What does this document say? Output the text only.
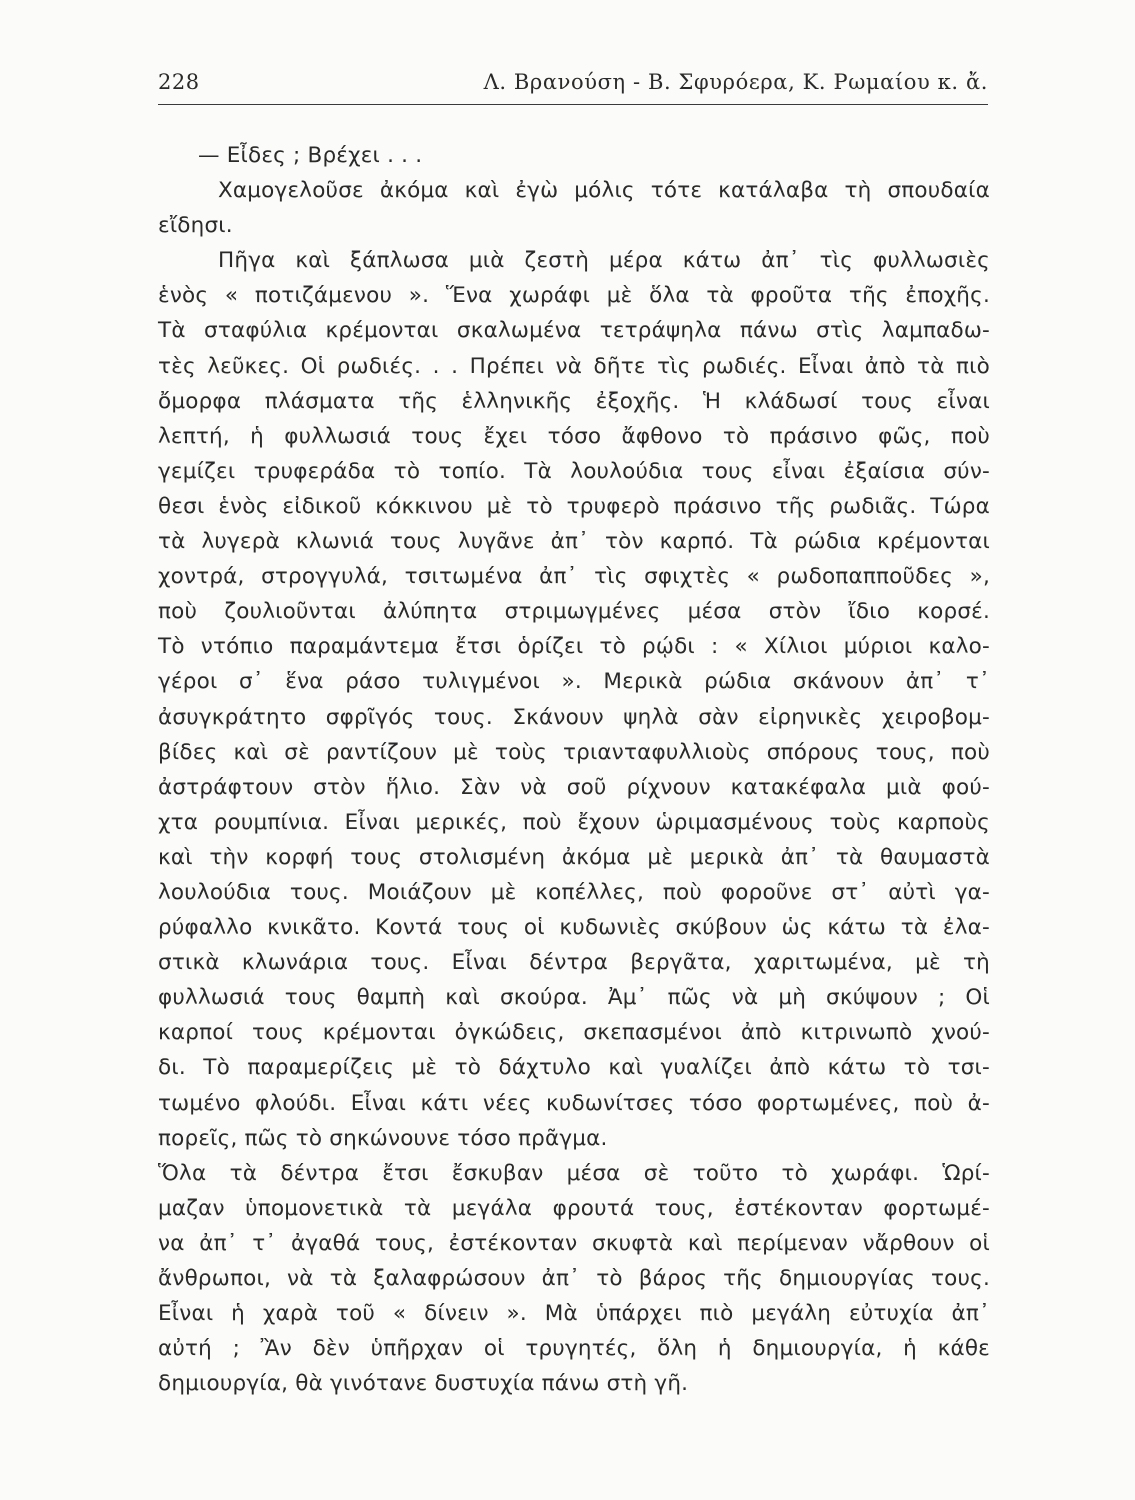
228	Λ. Βρανούση - Β. Σφυρόερα, Κ. Ρωμαίου κ. ἄ.
— Εἶδες ; Βρέχει . . .
Χαμογελοῦσε ἀκόμα καὶ ἐγὼ μόλις τότε κατάλαβα τὴ σπουδαία
εἴδησι.
Πῆγα καὶ ξάπλωσα μιὰ ζεστὴ μέρα κάτω ἀπ᾽ τὶς φυλλωσιὲς
ἑνὸς « ποτιζάμενου ». Ἕνα χωράφι μὲ ὅλα τὰ φροῦτα τῆς ἐποχῆς.
Τὰ σταφύλια κρέμονται σκαλωμένα τετράψηλα πάνω στὶς λαμπαδω-
τὲς λεῦκες. Οἱ ρωδιές. . . Πρέπει νὰ δῆτε τὶς ρωδιές. Εἶναι ἀπὸ τὰ πιὸ
ὄμορφα πλάσματα τῆς ἑλληνικῆς ἐξοχῆς. Ἡ κλάδωσί τους εἶναι
λεπτή, ἡ φυλλωσιά τους ἔχει τόσο ἄφθονο τὸ πράσινο φῶς, ποὺ
γεμίζει τρυφεράδα τὸ τοπίο. Τὰ λουλούδια τους εἶναι ἐξαίσια σύν-
θεσι ἑνὸς εἰδικοῦ κόκκινου μὲ τὸ τρυφερὸ πράσινο τῆς ρωδιᾶς. Τώρα
τὰ λυγερὰ κλωνιά τους λυγᾶνε ἀπ᾽ τὸν καρπό. Τὰ ρώδια κρέμονται
χοντρά, στρογγυλά, τσιτωμένα ἀπ᾽ τὶς σφιχτὲς « ρωδοπαπποῦδες »,
ποὺ ζουλιοῦνται ἀλύπητα στριμωγμένες μέσα στὸν ἴδιο κορσέ.
Τὸ ντόπιο παραμάντεμα ἔτσι ὁρίζει τὸ ρῴδι : « Χίλιοι μύριοι καλο-
γέροι σ᾽ ἕνα ράσο τυλιγμένοι ». Μερικὰ ρώδια σκάνουν ἀπ᾽ τ᾽
ἀσυγκράτητο σφρῖγός τους. Σκάνουν ψηλὰ σὰν εἰρηνικὲς χειροβομ-
βίδες καὶ σὲ ραντίζουν μὲ τοὺς τριανταφυλλιοὺς σπόρους τους, ποὺ
ἀστράφτουν στὸν ἥλιο. Σὰν νὰ σοῦ ρίχνουν κατακέφαλα μιὰ φού-
χτα ρουμπίνια. Εἶναι μερικές, ποὺ ἔχουν ὡριμασμένους τοὺς καρποὺς
καὶ τὴν κορφή τους στολισμένη ἀκόμα μὲ μερικὰ ἀπ᾽ τὰ θαυμαστὰ
λουλούδια τους. Μοιάζουν μὲ κοπέλλες, ποὺ φοροῦνε στ᾽ αὐτὶ γα-
ρύφαλλο κνικᾶτο. Κοντά τους οἱ κυδωνιὲς σκύβουν ὡς κάτω τὰ ἐλα-
στικὰ κλωνάρια τους. Εἶναι δέντρα βεργᾶτα, χαριτωμένα, μὲ τὴ
φυλλωσιά τους θαμπὴ καὶ σκούρα. Ἀμ᾽ πῶς νὰ μὴ σκύψουν ; Οἱ
καρποί τους κρέμονται ὀγκώδεις, σκεπασμένοι ἀπὸ κιτρινωπὸ χνού-
δι. Τὸ παραμερίζεις μὲ τὸ δάχτυλο καὶ γυαλίζει ἀπὸ κάτω τὸ τσι-
τωμένο φλούδι. Εἶναι κάτι νέες κυδωνίτσες τόσο φορτωμένες, ποὺ ἀ-
πορεῖς, πῶς τὸ σηκώνουνε τόσο πρᾶγμα.
Ὅλα τὰ δέντρα ἔτσι ἔσκυβαν μέσα σὲ τοῦτο τὸ χωράφι. Ὡρί-
μαζαν ὑπομονετικὰ τὰ μεγάλα φρουτά τους, ἐστέκονταν φορτωμέ-
να ἀπ᾽ τ᾽ ἀγαθά τους, ἐστέκονταν σκυφτὰ καὶ περίμεναν νἄρθουν οἱ
ἄνθρωποι, νὰ τὰ ξαλαφρώσουν ἀπ᾽ τὸ βάρος τῆς δημιουργίας τους.
Εἶναι ἡ χαρὰ τοῦ « δίνειν ». Μὰ ὑπάρχει πιὸ μεγάλη εὐτυχία ἀπ᾽
αὐτή ; Ἂν δὲν ὑπῆρχαν οἱ τρυγητές, ὅλη ἡ δημιουργία, ἡ κάθε
δημιουργία, θὰ γινότανε δυστυχία πάνω στὴ γῆ.
